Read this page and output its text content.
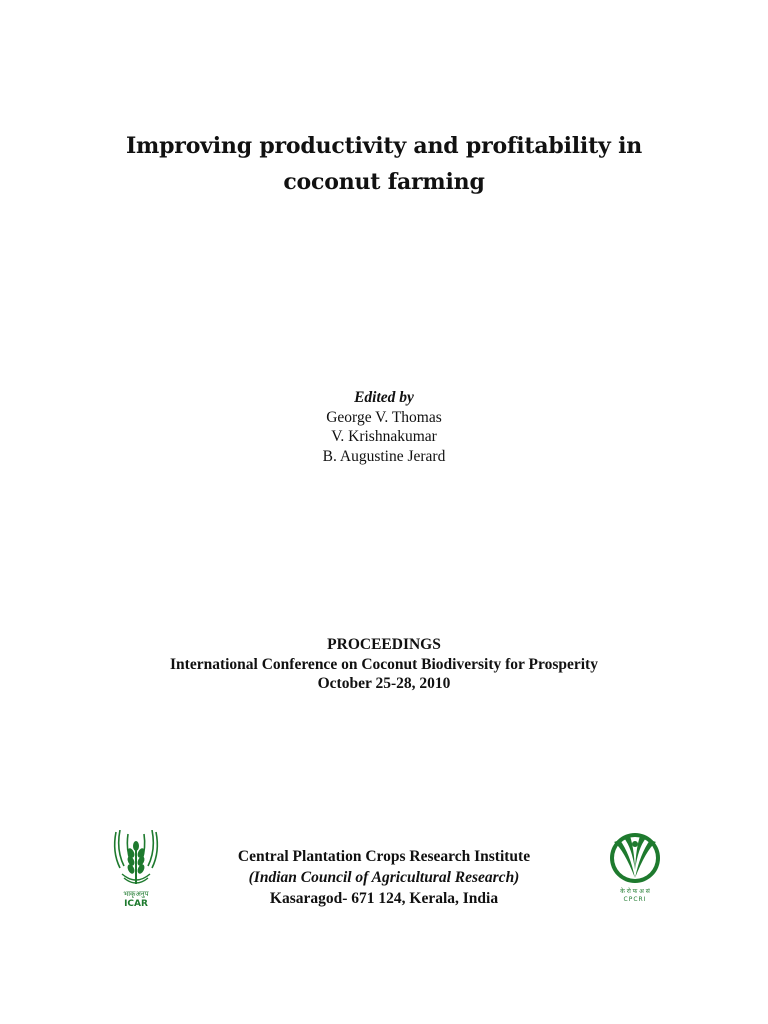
Improving productivity and profitability in
coconut farming
Edited by
George V. Thomas
V. Krishnakumar
B. Augustine Jerard
PROCEEDINGS
International Conference on Coconut Biodiversity for Prosperity
October 25-28, 2010
भाकृअनुप
ICAR
Central Plantation Crops Research Institute
(Indian Council of Agricultural Research)
Kasaragod- 671 124, Kerala, India	के रो फ अ सं
CPCRI
